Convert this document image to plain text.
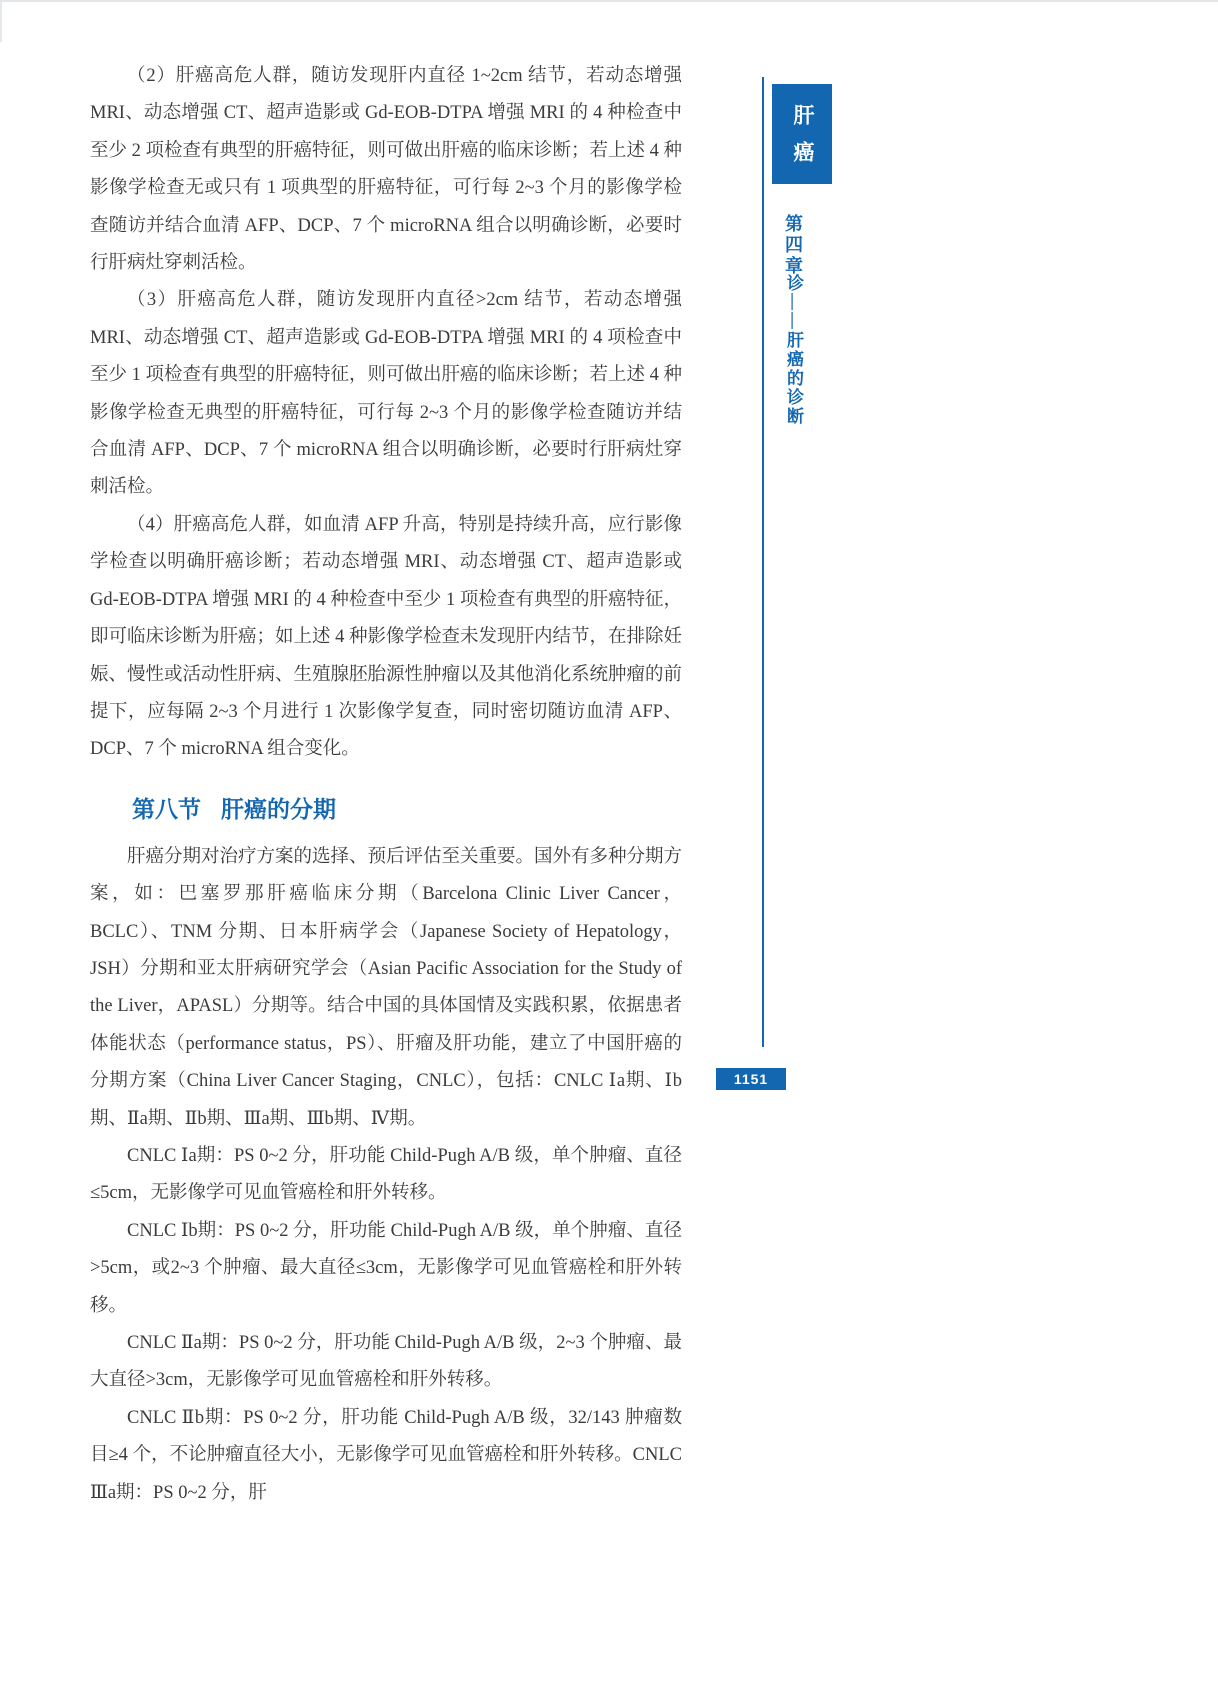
（2）肝癌高危人群，随访发现肝内直径 1~2cm 结节，若动态增强 MRI、动态增强 CT、超声造影或 Gd-EOB-DTPA 增强 MRI 的 4 种检查中至少 2 项检查有典型的肝癌特征，则可做出肝癌的临床诊断；若上述 4 种影像学检查无或只有 1 项典型的肝癌特征，可行每 2~3 个月的影像学检查随访并结合血清 AFP、DCP、7 个 microRNA 组合以明确诊断，必要时行肝病灶穿刺活检。

（3）肝癌高危人群，随访发现肝内直径>2cm 结节，若动态增强 MRI、动态增强 CT、超声造影或 Gd-EOB-DTPA 增强 MRI 的 4 项检查中至少 1 项检查有典型的肝癌特征，则可做出肝癌的临床诊断；若上述 4 种影像学检查无典型的肝癌特征，可行每 2~3 个月的影像学检查随访并结合血清 AFP、DCP、7 个 microRNA 组合以明确诊断，必要时行肝病灶穿刺活检。

（4）肝癌高危人群，如血清 AFP 升高，特别是持续升高，应行影像学检查以明确肝癌诊断；若动态增强 MRI、动态增强 CT、超声造影或 Gd-EOB-DTPA 增强 MRI 的 4 种检查中至少 1 项检查有典型的肝癌特征，即可临床诊断为肝癌；如上述 4 种影像学检查未发现肝内结节，在排除妊娠、慢性或活动性肝病、生殖腺胚胎源性肿瘤以及其他消化系统肿瘤的前提下，应每隔 2~3 个月进行 1 次影像学复查，同时密切随访血清 AFP、DCP、7 个 microRNA 组合变化。

第八节 肝癌的分期

肝癌分期对治疗方案的选择、预后评估至关重要。国外有多种分期方案，如：巴塞罗那肝癌临床分期（Barcelona Clinic Liver Cancer，BCLC）、TNM 分期、日本肝病学会（Japanese Society of Hepatology，JSH）分期和亚太肝病研究学会（Asian Pacific Association for the Study of the Liver，APASL）分期等。结合中国的具体国情及实践积累，依据患者体能状态（performance status，PS）、肝瘤及肝功能，建立了中国肝癌的分期方案（China Liver Cancer Staging，CNLC），包括：CNLC Ⅰa期、Ⅰb期、Ⅱa期、Ⅱb期、Ⅲa期、Ⅲb期、Ⅳ期。

CNLC Ⅰa期：PS 0~2 分，肝功能 Child-Pugh A/B 级，单个肿瘤、直径≤5cm，无影像学可见血管癌栓和肝外转移。

CNLC Ⅰb期：PS 0~2 分，肝功能 Child-Pugh A/B 级，单个肿瘤、直径>5cm，或2~3 个肿瘤、最大直径≤3cm，无影像学可见血管癌栓和肝外转移。

CNLC Ⅱa期：PS 0~2 分，肝功能 Child-Pugh A/B 级，2~3 个肿瘤、最大直径>3cm，无影像学可见血管癌栓和肝外转移。

CNLC Ⅱb期：PS 0~2 分，肝功能 Child-Pugh A/B 级，32/143 肿瘤数目≥4 个，不论肿瘤直径大小，无影像学可见血管癌栓和肝外转移。CNLC Ⅲa期：PS 0~2 分，肝

肝癌
第四章
诊——肝癌的诊断
1151
